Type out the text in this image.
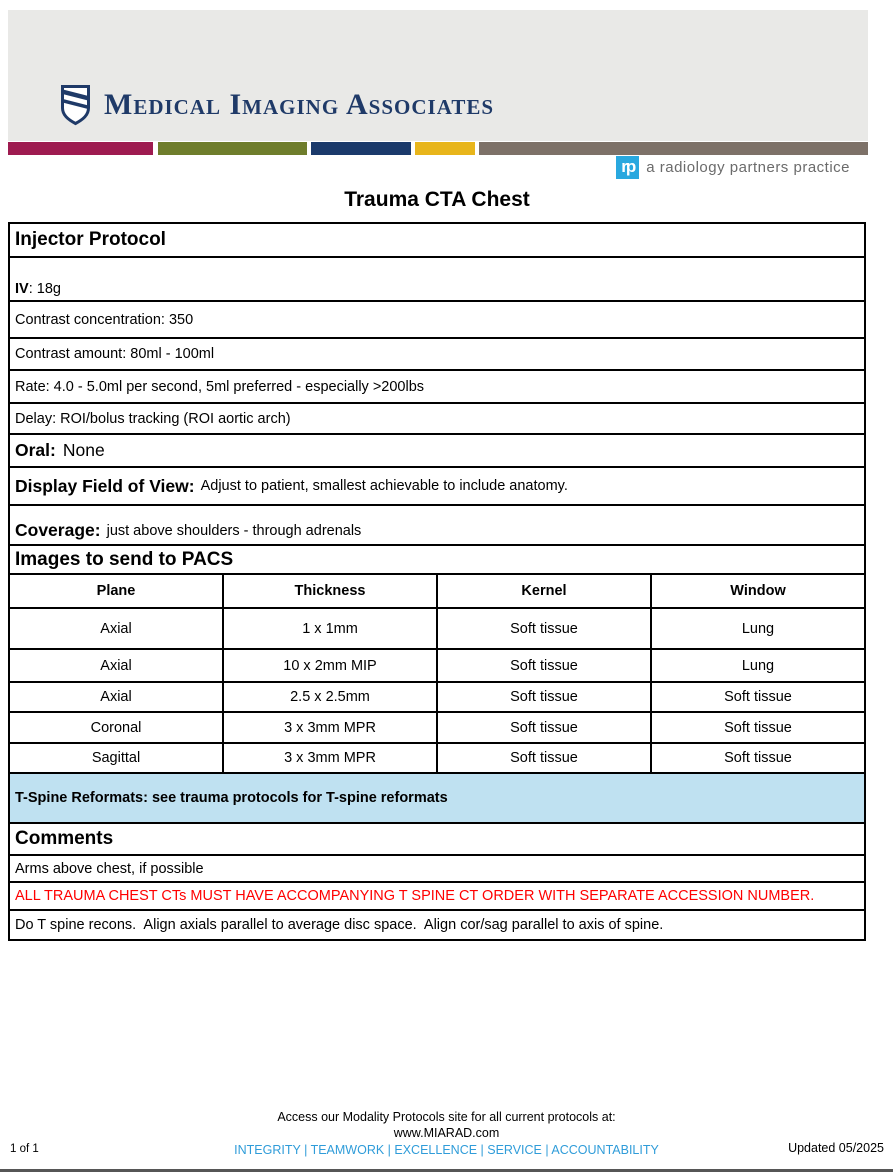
Medical Imaging Associates
rp a radiology partners practice
Trauma CTA Chest
Injector Protocol
IV: 18g
Contrast concentration: 350
Contrast amount: 80ml - 100ml
Rate: 4.0 - 5.0ml per second, 5ml preferred - especially >200lbs
Delay: ROI/bolus tracking (ROI aortic arch)
Oral: None
Display Field of View: Adjust to patient, smallest achievable to include anatomy.
Coverage: just above shoulders - through adrenals
Images to send to PACS
Plane	Thickness	Kernel	Window
Axial	1 x 1mm	Soft tissue	Lung
Axial	10 x 2mm MIP	Soft tissue	Lung
Axial	2.5 x 2.5mm	Soft tissue	Soft tissue
Coronal	3 x 3mm MPR	Soft tissue	Soft tissue
Sagittal	3 x 3mm MPR	Soft tissue	Soft tissue
T-Spine Reformats: see trauma protocols for T-spine reformats
Comments
Arms above chest, if possible
ALL TRAUMA CHEST CTs MUST HAVE ACCOMPANYING T SPINE CT ORDER WITH SEPARATE ACCESSION NUMBER.
Do T spine recons.  Align axials parallel to average disc space.  Align cor/sag parallel to axis of spine.
Access our Modality Protocols site for all current protocols at:
www.MIARAD.com
INTEGRITY | TEAMWORK | EXCELLENCE | SERVICE | ACCOUNTABILITY
1 of 1	Updated 05/2025
